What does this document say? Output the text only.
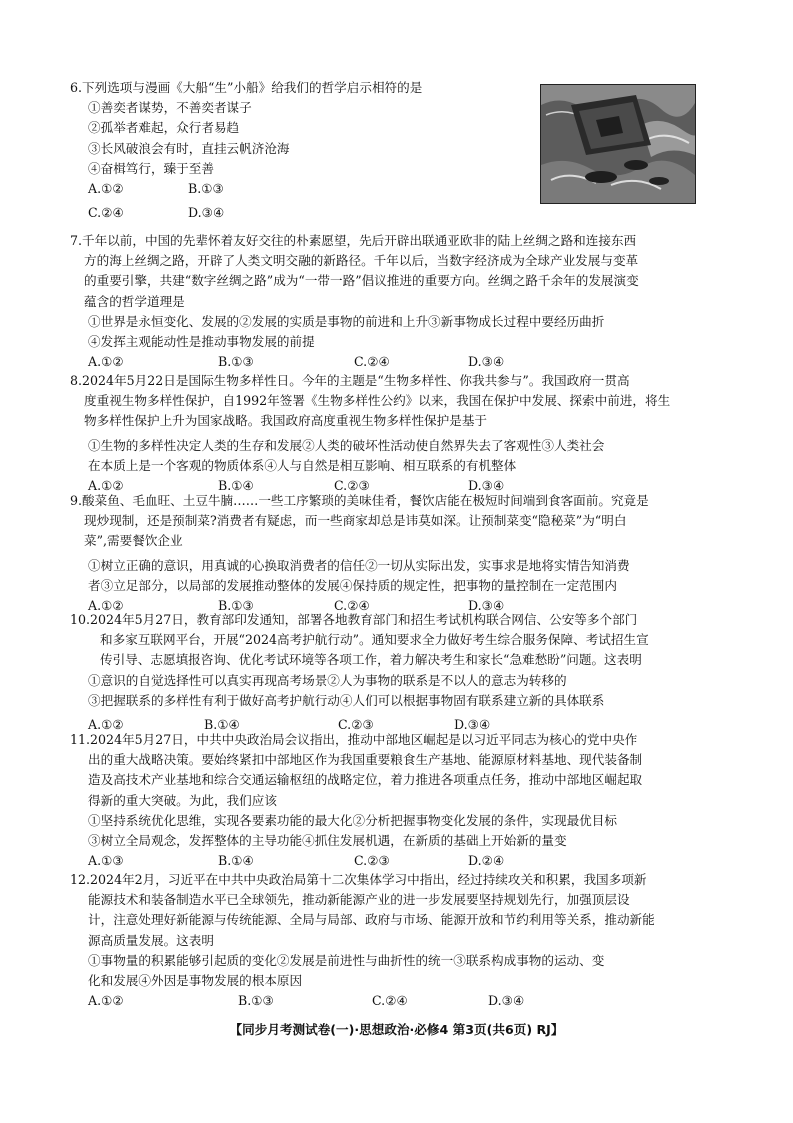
6.下列选项与漫画《大船“生”小船》给我们的哲学启示相符的是

①善奕者谋势，不善奕者谋子

②孤举者难起，众行者易趋

③长风破浪会有时，直挂云帆济沧海

④奋楫笃行，臻于至善

A.①②	B.①③

C.②④	D.③④

7.千年以前，中国的先辈怀着友好交往的朴素愿望，先后开辟出联通亚欧非的陆上丝绸之路和连接东西

方的海上丝绸之路，开辟了人类文明交融的新路径。千年以后，当数字经济成为全球产业发展与变革

的重要引擎，共建“数字丝绸之路”成为“一带一路”倡议推进的重要方向。丝绸之路千余年的发展演变

蕴含的哲学道理是

①世界是永恒变化、发展的②发展的实质是事物的前进和上升③新事物成长过程中要经历曲折

④发挥主观能动性是推动事物发展的前提

A.①②	B.①③	C.②④	D.③④

8.2024年5月22日是国际生物多样性日。今年的主题是“生物多样性、你我共参与”。我国政府一贯高

度重视生物多样性保护，自1992年签署《生物多样性公约》以来，我国在保护中发展、探索中前进，将生

物多样性保护上升为国家战略。我国政府高度重视生物多样性保护是基于

①生物的多样性决定人类的生存和发展②人类的破坏性活动使自然界失去了客观性③人类社会

在本质上是一个客观的物质体系④人与自然是相互影响、相互联系的有机整体

A.①②	B.①④	C.②③	D.③④

9.酸菜鱼、毛血旺、土豆牛腩……一些工序繁琐的美味佳肴，餐饮店能在极短时间端到食客面前。究竟是

现炒现制，还是预制菜?消费者有疑虑，而一些商家却总是讳莫如深。让预制菜变“隐秘菜”为“明白

菜”,需要餐饮企业

①树立正确的意识，用真诚的心换取消费者的信任②一切从实际出发，实事求是地将实情告知消费

者③立足部分，以局部的发展推动整体的发展④保持质的规定性，把事物的量控制在一定范围内

A.①②	B.①③	C.②④	D.③④

10.2024年5月27日，教育部印发通知，部署各地教育部门和招生考试机构联合网信、公安等多个部门

和多家互联网平台，开展“2024高考护航行动”。通知要求全力做好考生综合服务保障、考试招生宣

传引导、志愿填报咨询、优化考试环境等各项工作，着力解决考生和家长“急难愁盼”问题。这表明

①意识的自觉选择性可以真实再现高考场景②人为事物的联系是不以人的意志为转移的

③把握联系的多样性有利于做好高考护航行动④人们可以根据事物固有联系建立新的具体联系

A.①②	B.①④	C.②③	D.③④

11.2024年5月27日，中共中央政治局会议指出，推动中部地区崛起是以习近平同志为核心的党中央作

出的重大战略决策。要始终紧扣中部地区作为我国重要粮食生产基地、能源原材料基地、现代装备制

造及高技术产业基地和综合交通运输枢纽的战略定位，着力推进各项重点任务，推动中部地区崛起取

得新的重大突破。为此，我们应该

①坚持系统优化思维，实现各要素功能的最大化②分析把握事物变化发展的条件，实现最优目标

③树立全局观念，发挥整体的主导功能④抓住发展机遇，在新质的基础上开始新的量变

A.①③	B.①④	C.②③	D.②④

12.2024年2月，习近平在中共中央政治局第十二次集体学习中指出，经过持续攻关和积累，我国多项新

能源技术和装备制造水平已全球领先，推动新能源产业的进一步发展要坚持规划先行，加强顶层设

计，注意处理好新能源与传统能源、全局与局部、政府与市场、能源开放和节约利用等关系，推动新能

源高质量发展。这表明

①事物量的积累能够引起质的变化②发展是前进性与曲折性的统一③联系构成事物的运动、变

化和发展④外因是事物发展的根本原因

A.①②	B.①③	C.②④	D.③④

【同步月考测试卷(一)·思想政治·必修4 第3页(共6页) RJ】
